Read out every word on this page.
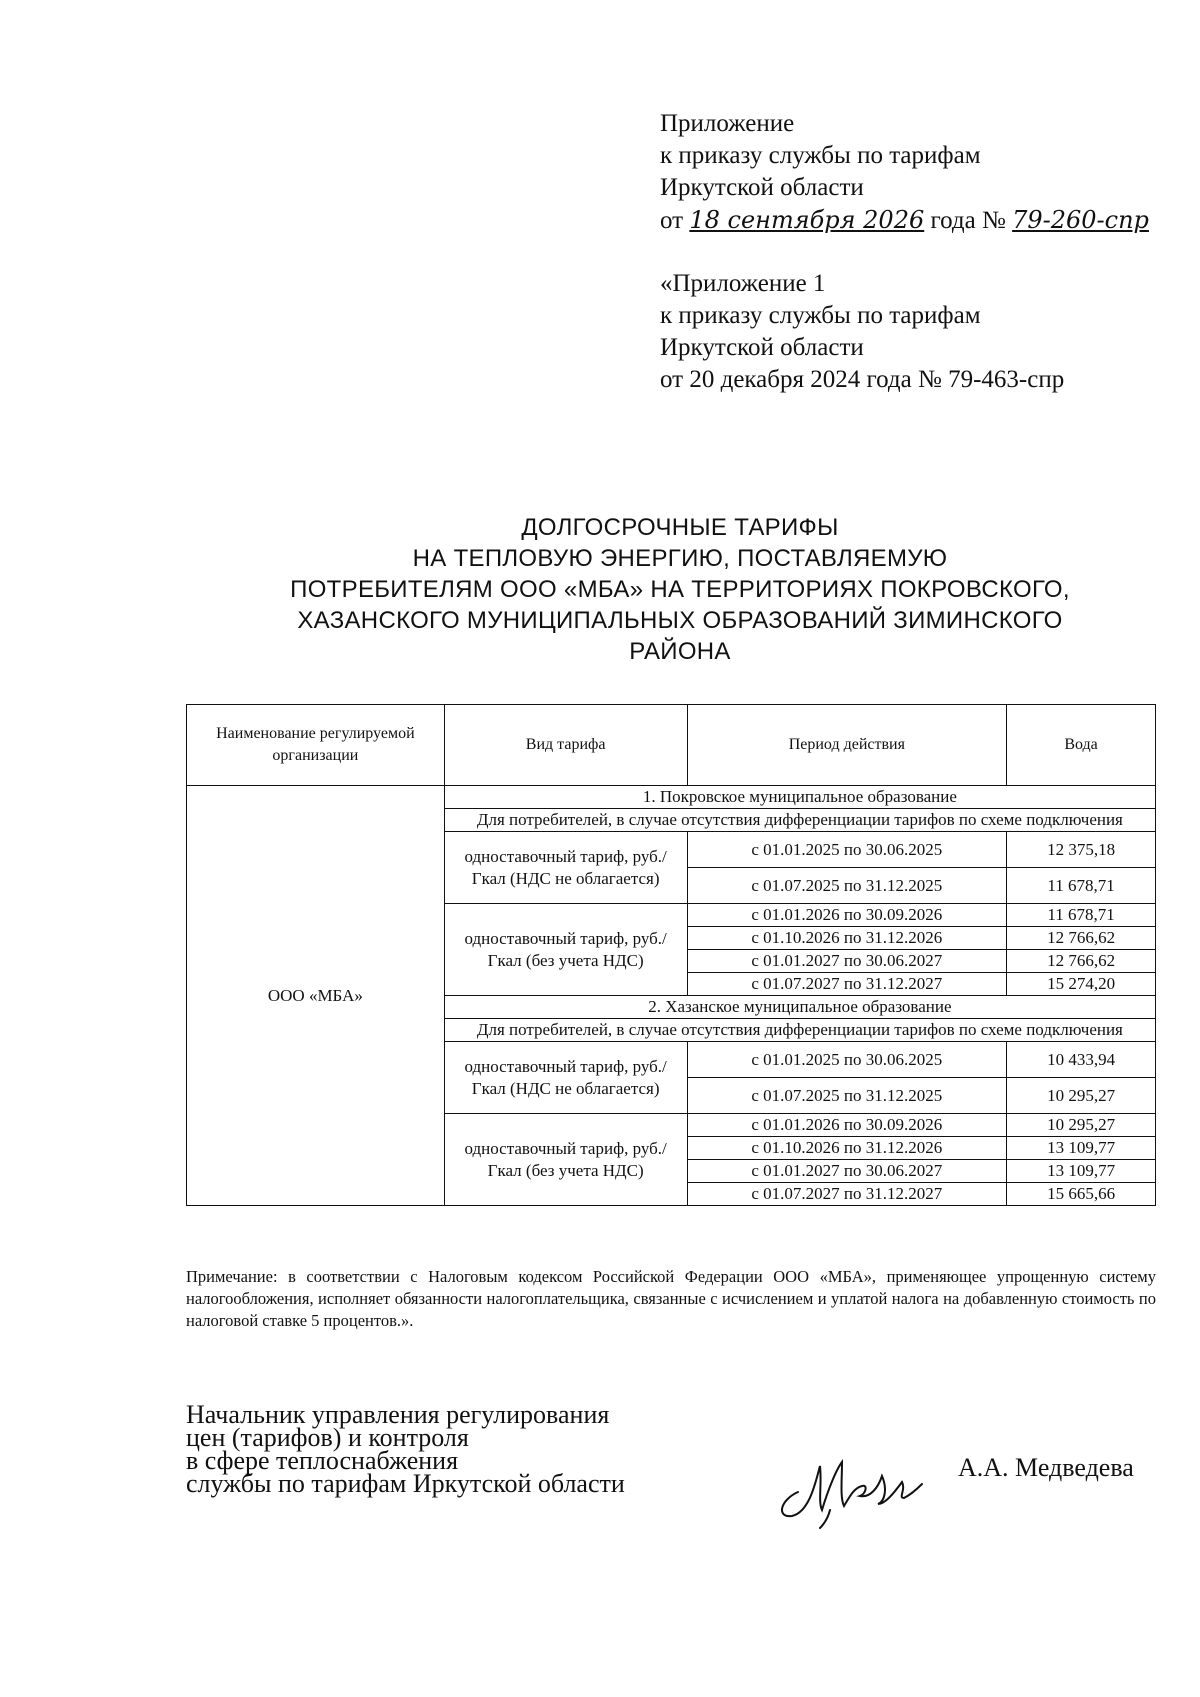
Приложение
к приказу службы по тарифам
Иркутской области
от 18 сентября 2026 года № 79-260-спр
«Приложение 1
к приказу службы по тарифам
Иркутской области
от 20 декабря 2024 года № 79-463-спр
ДОЛГОСРОЧНЫЕ ТАРИФЫ
НА ТЕПЛОВУЮ ЭНЕРГИЮ, ПОСТАВЛЯЕМУЮ
ПОТРЕБИТЕЛЯМ ООО «МБА» НА ТЕРРИТОРИЯХ ПОКРОВСКОГО,
ХАЗАНСКОГО МУНИЦИПАЛЬНЫХ ОБРАЗОВАНИЙ ЗИМИНСКОГО
РАЙОНА
Наименование регулируемой организации	Вид тарифа	Период действия	Вода
ООО «МБА»	1. Покровское муниципальное образование		
	Для потребителей, в случае отсутствия дифференциации тарифов по схеме подключения		
	одноставочный тариф, руб./Гкал (НДС не облагается)	с 01.01.2025 по 30.06.2025	12 375,18
		с 01.07.2025 по 31.12.2025	11 678,71
	одноставочный тариф, руб./Гкал (без учета НДС)	с 01.01.2026 по 30.09.2026	11 678,71
		с 01.10.2026 по 31.12.2026	12 766,62
		с 01.01.2027 по 30.06.2027	12 766,62
		с 01.07.2027 по 31.12.2027	15 274,20
	2. Хазанское муниципальное образование		
	Для потребителей, в случае отсутствия дифференциации тарифов по схеме подключения		
	одноставочный тариф, руб./Гкал (НДС не облагается)	с 01.01.2025 по 30.06.2025	10 433,94
		с 01.07.2025 по 31.12.2025	10 295,27
	одноставочный тариф, руб./Гкал (без учета НДС)	с 01.01.2026 по 30.09.2026	10 295,27
		с 01.10.2026 по 31.12.2026	13 109,77
		с 01.01.2027 по 30.06.2027	13 109,77
		с 01.07.2027 по 31.12.2027	15 665,66
Примечание: в соответствии с Налоговым кодексом Российской Федерации ООО «МБА», применяющее упрощенную систему налогообложения, исполняет обязанности налогоплательщика, связанные с исчислением и уплатой налога на добавленную стоимость по налоговой ставке 5 процентов.».
Начальник управления регулирования
цен (тарифов) и контроля
в сфере теплоснабжения
службы по тарифам Иркутской области
А.А. Медведева
